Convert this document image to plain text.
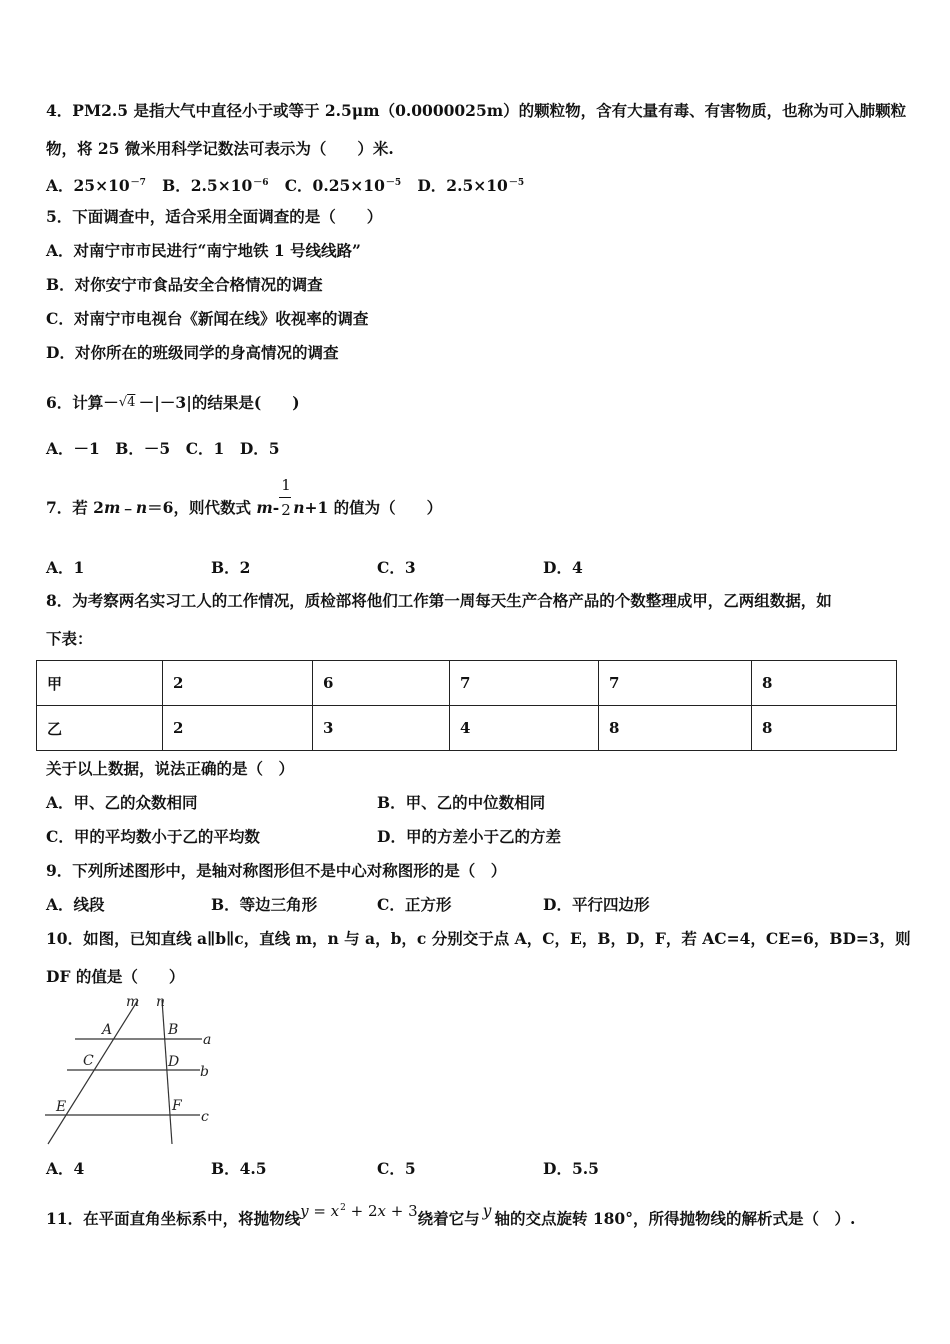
4．PM2.5 是指大气中直径小于或等于 2.5μm（0.0000025m）的颗粒物，含有大量有毒、有害物质，也称为可入肺颗粒
物，将 25 微米用科学记数法可表示为（　　）米.
A．$25\times 10^{-7}$ B．$2.5\times 10^{-6}$ C．$0.25\times 10^{-5}$ D．$2.5\times 10^{-5}$
5．下面调查中，适合采用全面调查的是（　　）
A．对南宁市市民进行“南宁地铁 1 号线线路”
B．对你安宁市食品安全合格情况的调查
C．对南宁市电视台《新闻在线》收视率的调查
D．对你所在的班级同学的身高情况的调查
6．计算－ √4 －|－3|的结果是(　　)
A．－1　B．－5　C．1　D．5
7．若 2m﹣n＝6，则代数式 $m- \frac{1}{2} n+1$ 的值为（　　）
A．1	B．2	C．3	D．4
8．为考察两名实习工人的工作情况，质检部将他们工作第一周每天生产合格产品的个数整理成甲，乙两组数据，如
下表：
甲	2	6	7	7	8
乙	2	3	4	8	8
关于以上数据，说法正确的是（　）
A．甲、乙的众数相同	B．甲、乙的中位数相同
C．甲的平均数小于乙的平均数	D．甲的方差小于乙的方差
9．下列所述图形中，是轴对称图形但不是中心对称图形的是（　）
A．线段	B．等边三角形	C．正方形	D．平行四边形
10．如图，已知直线 a∥b∥c，直线 m，n 与 a，b，c 分别交于点 A，C，E，B，D，F，若 AC=4，CE=6，BD=3，则
DF 的值是（　　）
m n
A	B
C	D
E	F
a
b
c
A．4	B．4.5	C．5	D．5.5
11．在平面直角坐标系中，将抛物线$y = x^2 + 2x + 3$绕着它与 y 轴的交点旋转 180°，所得抛物线的解析式是（　）.
